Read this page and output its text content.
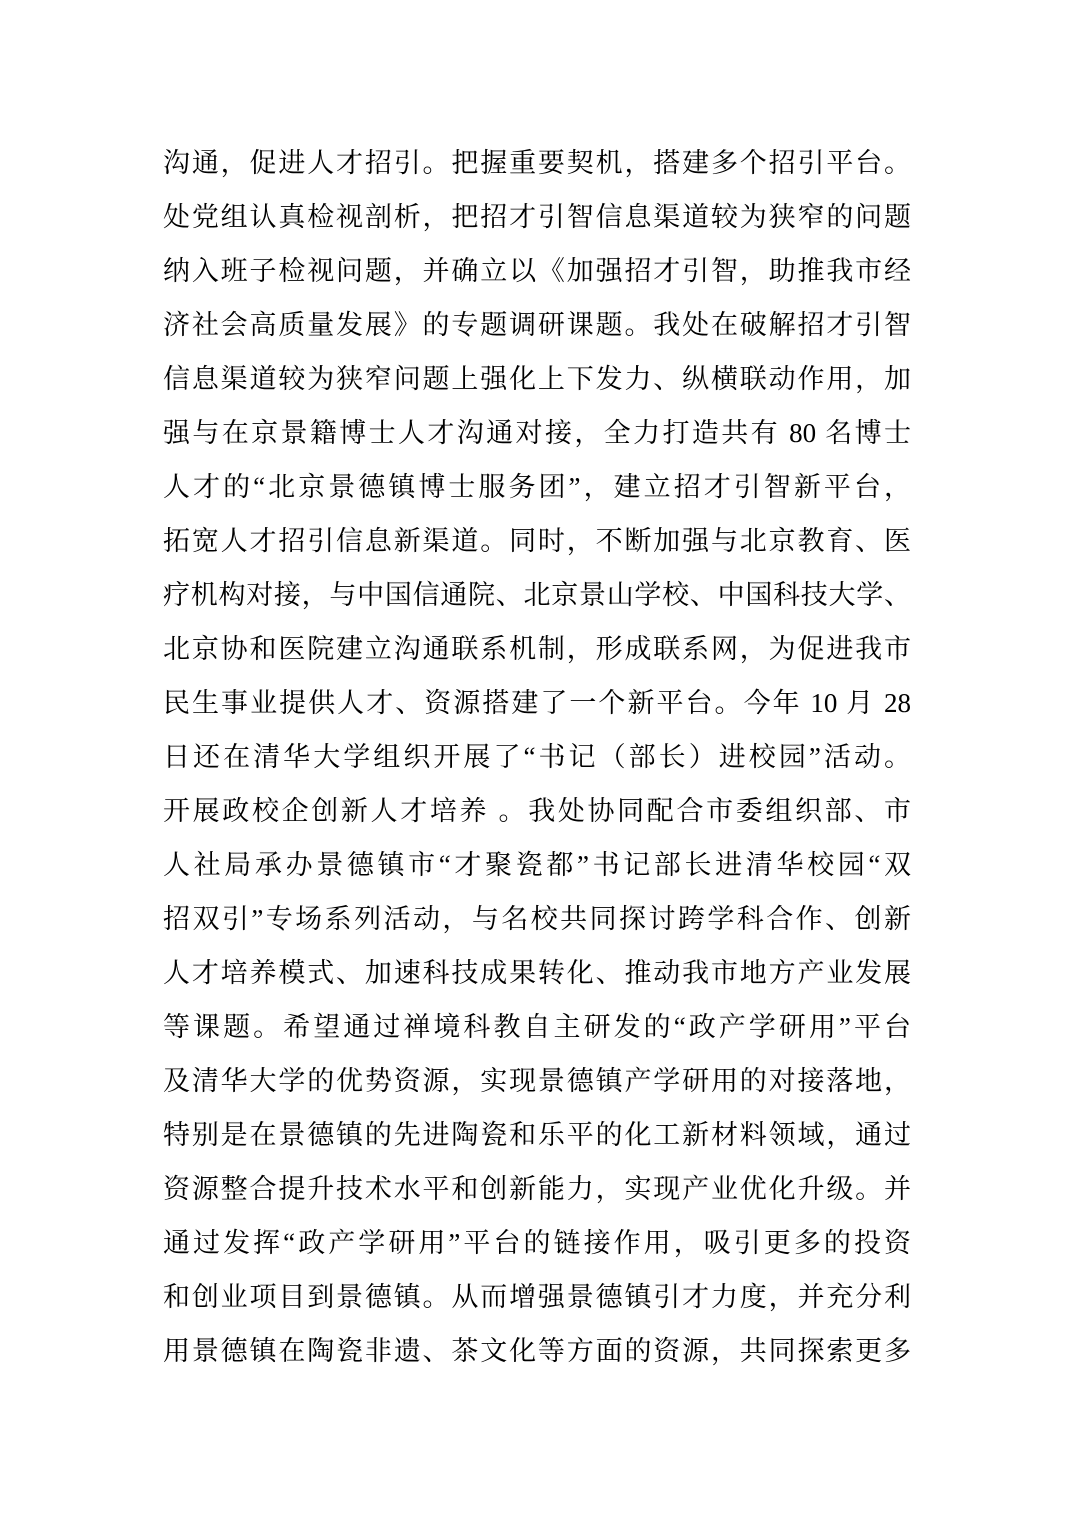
沟通，促进人才招引。把握重要契机，搭建多个招引平台。
处党组认真检视剖析，把招才引智信息渠道较为狭窄的问题
纳入班子检视问题，并确立以《加强招才引智，助推我市经
济社会高质量发展》的专题调研课题。我处在破解招才引智
信息渠道较为狭窄问题上强化上下发力、纵横联动作用，加
强与在京景籍博士人才沟通对接，全力打造共有 80 名博士
人才的“北京景德镇博士服务团”，建立招才引智新平台，
拓宽人才招引信息新渠道。同时，不断加强与北京教育、医
疗机构对接，与中国信通院、北京景山学校、中国科技大学、
北京协和医院建立沟通联系机制，形成联系网，为促进我市
民生事业提供人才、资源搭建了一个新平台。今年 10 月 28
日还在清华大学组织开展了“书记（部长）进校园”活动。
开展政校企创新人才培养 。我处协同配合市委组织部、市
人社局承办景德镇市“才聚瓷都”书记部长进清华校园“双
招双引”专场系列活动，与名校共同探讨跨学科合作、创新
人才培养模式、加速科技成果转化、推动我市地方产业发展
等课题。希望通过禅境科教自主研发的“政产学研用”平台
及清华大学的优势资源，实现景德镇产学研用的对接落地，
特别是在景德镇的先进陶瓷和乐平的化工新材料领域，通过
资源整合提升技术水平和创新能力，实现产业优化升级。并
通过发挥“政产学研用”平台的链接作用，吸引更多的投资
和创业项目到景德镇。从而增强景德镇引才力度，并充分利
用景德镇在陶瓷非遗、茶文化等方面的资源，共同探索更多
